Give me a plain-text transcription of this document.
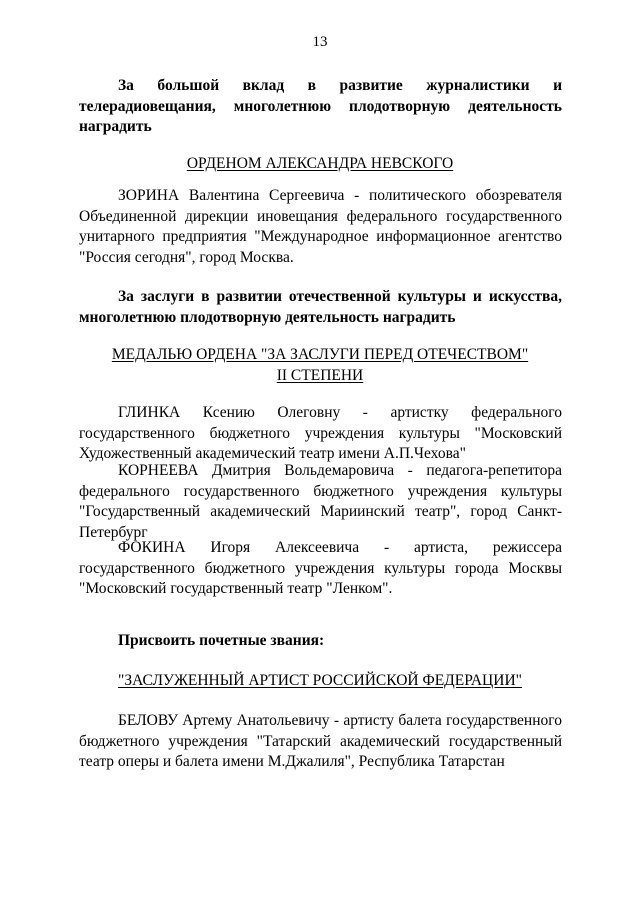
13

За большой вклад в развитие журналистики и телерадиовещания, многолетнюю плодотворную деятельность наградить

ОРДЕНОМ АЛЕКСАНДРА НЕВСКОГО

ЗОРИНА Валентина Сергеевича - политического обозревателя Объединенной дирекции иновещания федерального государственного унитарного предприятия "Международное информационное агентство "Россия сегодня", город Москва.

За заслуги в развитии отечественной культуры и искусства, многолетнюю плодотворную деятельность наградить

МЕДАЛЬЮ ОРДЕНА "ЗА ЗАСЛУГИ ПЕРЕД ОТЕЧЕСТВОМ"
II СТЕПЕНИ

ГЛИНКА Ксению Олеговну - артистку федерального государственного бюджетного учреждения культуры "Московский Художественный академический театр имени А.П.Чехова"

КОРНЕЕВА Дмитрия Вольдемаровича - педагога-репетитора федерального государственного бюджетного учреждения культуры "Государственный академический Мариинский театр", город Санкт-Петербург

ФОКИНА Игоря Алексеевича - артиста, режиссера государственного бюджетного учреждения культуры города Москвы "Московский государственный театр "Ленком".

Присвоить почетные звания:

"ЗАСЛУЖЕННЫЙ АРТИСТ РОССИЙСКОЙ ФЕДЕРАЦИИ"

БЕЛОВУ Артему Анатольевичу - артисту балета государственного бюджетного учреждения "Татарский академический государственный театр оперы и балета имени М.Джалиля", Республика Татарстан
